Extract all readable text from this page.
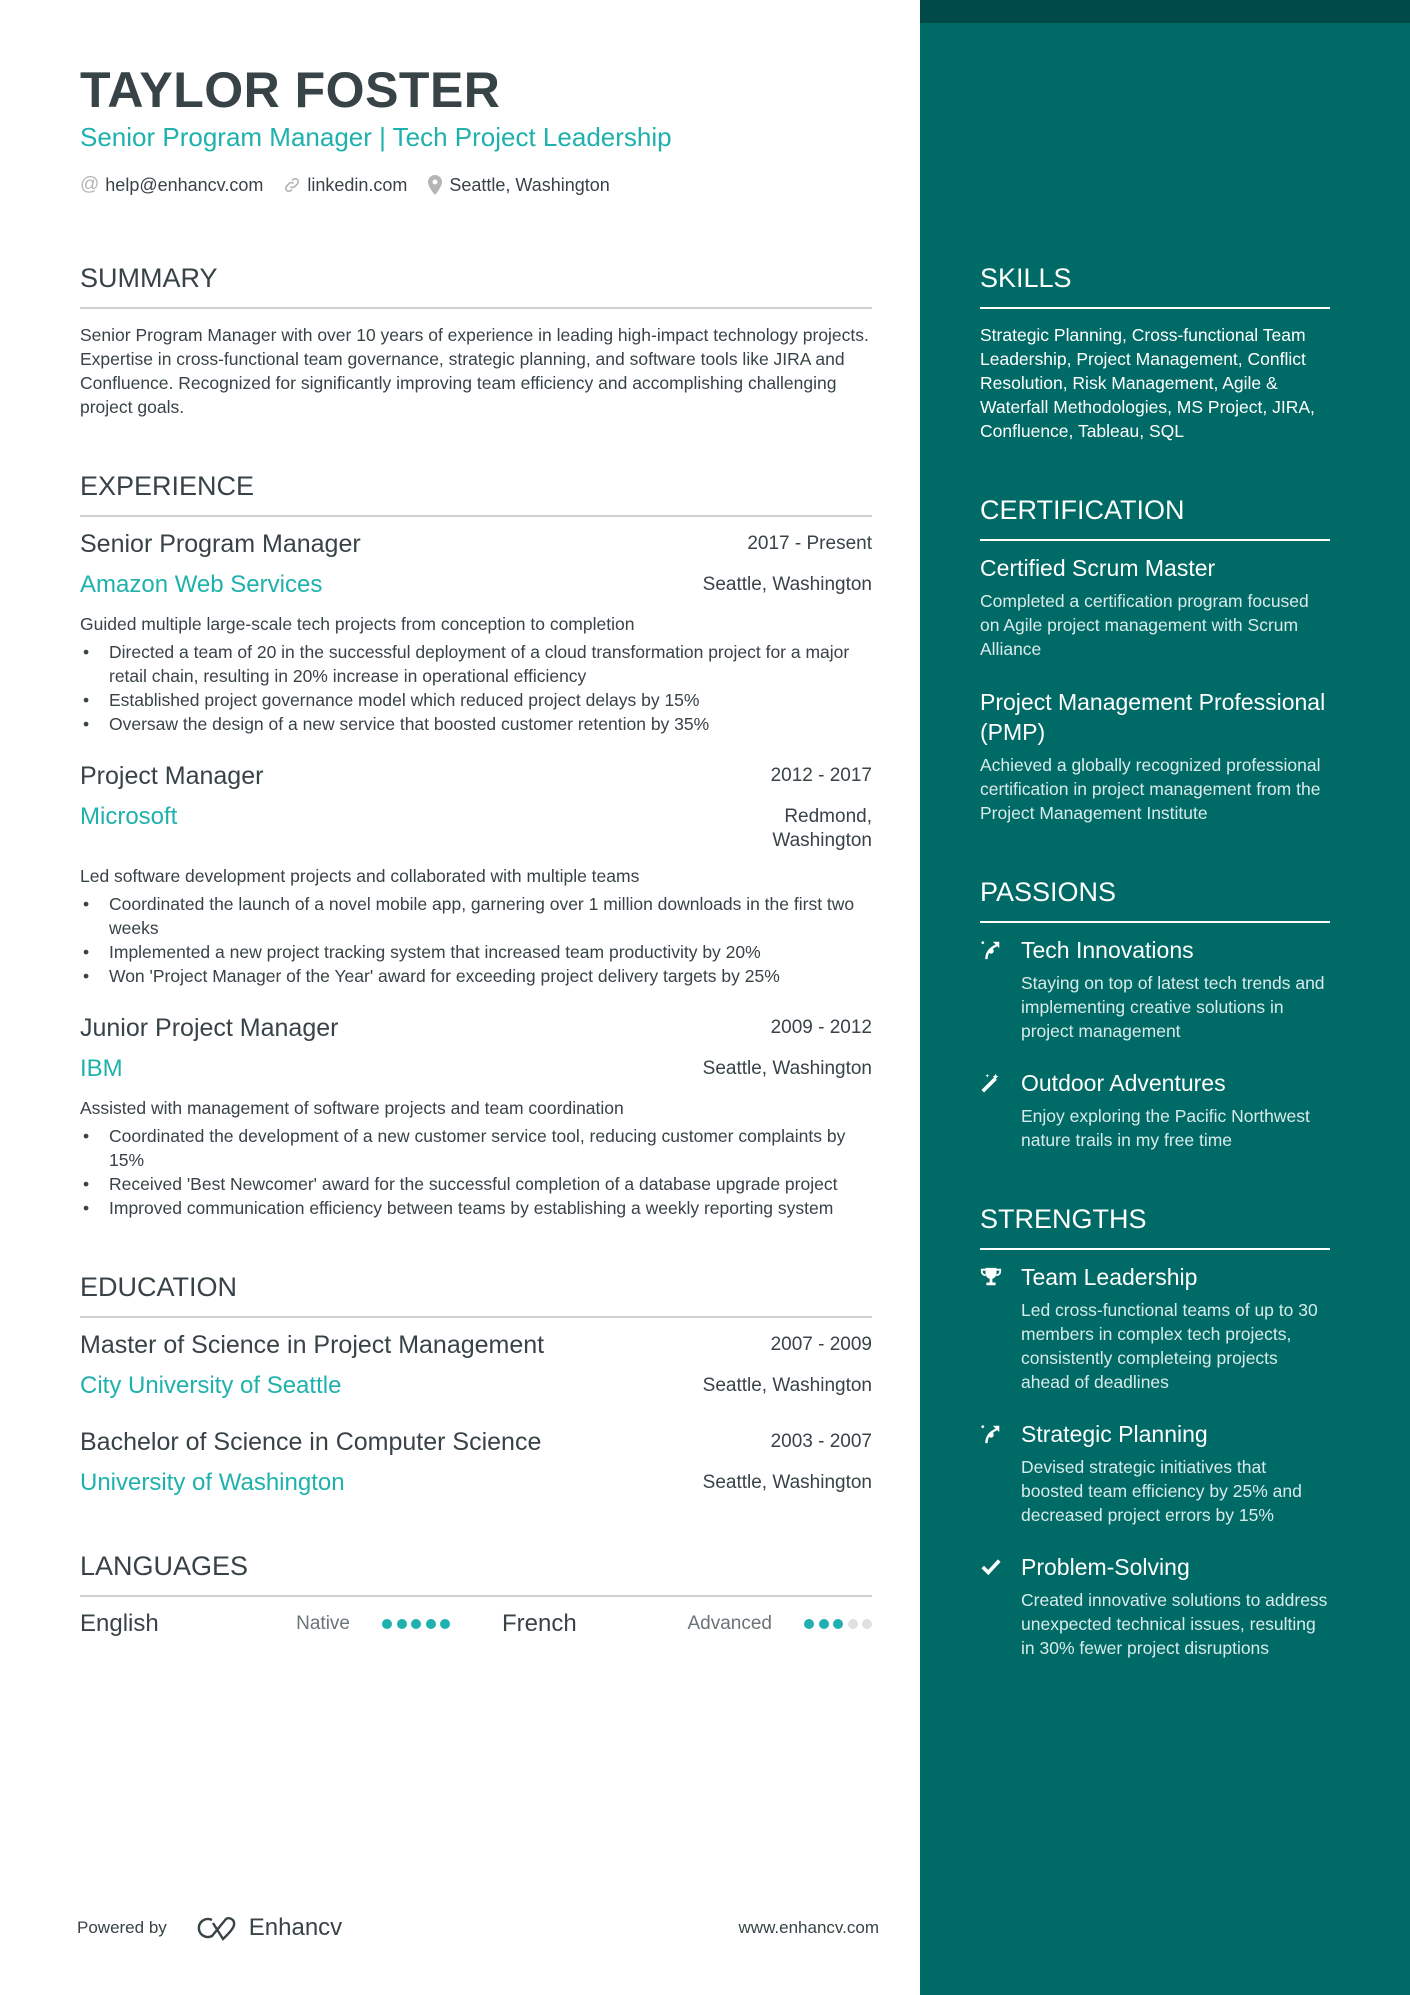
TAYLOR FOSTER
Senior Program Manager | Tech Project Leadership
@ help@enhancv.com linkedin.com Seattle, Washington
SUMMARY
Senior Program Manager with over 10 years of experience in leading high-impact technology projects. Expertise in cross-functional team governance, strategic planning, and software tools like JIRA and Confluence. Recognized for significantly improving team efficiency and accomplishing challenging project goals.
EXPERIENCE
Senior Program Manager	2017 - Present
Amazon Web Services	Seattle, Washington
Guided multiple large-scale tech projects from conception to completion
• Directed a team of 20 in the successful deployment of a cloud transformation project for a major retail chain, resulting in 20% increase in operational efficiency
• Established project governance model which reduced project delays by 15%
• Oversaw the design of a new service that boosted customer retention by 35%
Project Manager	2012 - 2017
Microsoft	Redmond, Washington
Led software development projects and collaborated with multiple teams
• Coordinated the launch of a novel mobile app, garnering over 1 million downloads in the first two weeks
• Implemented a new project tracking system that increased team productivity by 20%
• Won 'Project Manager of the Year' award for exceeding project delivery targets by 25%
Junior Project Manager	2009 - 2012
IBM	Seattle, Washington
Assisted with management of software projects and team coordination
• Coordinated the development of a new customer service tool, reducing customer complaints by 15%
• Received 'Best Newcomer' award for the successful completion of a database upgrade project
• Improved communication efficiency between teams by establishing a weekly reporting system
EDUCATION
Master of Science in Project Management	2007 - 2009
City University of Seattle	Seattle, Washington
Bachelor of Science in Computer Science	2003 - 2007
University of Washington	Seattle, Washington
LANGUAGES
English	Native	French	Advanced
SKILLS
Strategic Planning, Cross-functional Team Leadership, Project Management, Conflict Resolution, Risk Management, Agile & Waterfall Methodologies, MS Project, JIRA, Confluence, Tableau, SQL
CERTIFICATION
Certified Scrum Master
Completed a certification program focused on Agile project management with Scrum Alliance
Project Management Professional (PMP)
Achieved a globally recognized professional certification in project management from the Project Management Institute
PASSIONS
Tech Innovations
Staying on top of latest tech trends and implementing creative solutions in project management
Outdoor Adventures
Enjoy exploring the Pacific Northwest nature trails in my free time
STRENGTHS
Team Leadership
Led cross-functional teams of up to 30 members in complex tech projects, consistently completeing projects ahead of deadlines
Strategic Planning
Devised strategic initiatives that boosted team efficiency by 25% and decreased project errors by 15%
Problem-Solving
Created innovative solutions to address unexpected technical issues, resulting in 30% fewer project disruptions
Powered by	Enhancv	www.enhancv.com
